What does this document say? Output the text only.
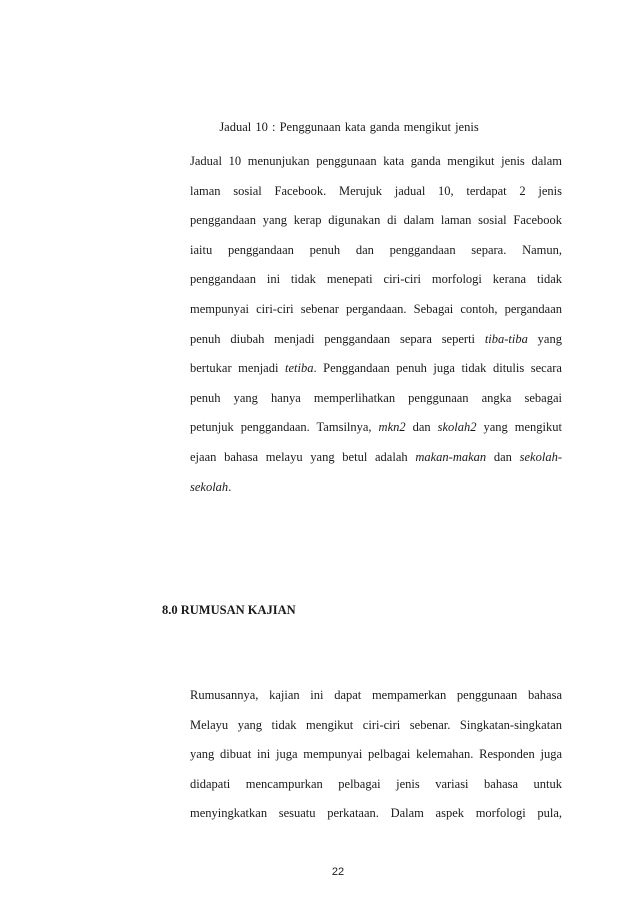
Jadual 10 : Penggunaan kata ganda mengikut jenis
Jadual 10 menunjukan penggunaan kata ganda mengikut jenis dalam
laman sosial Facebook. Merujuk jadual 10, terdapat 2 jenis
penggandaan yang kerap digunakan di dalam laman sosial Facebook
iaitu penggandaan penuh dan penggandaan separa. Namun,
penggandaan ini tidak menepati ciri-ciri morfologi kerana tidak
mempunyai ciri-ciri sebenar pergandaan. Sebagai contoh, pergandaan
penuh diubah menjadi penggandaan separa seperti tiba-tiba yang
bertukar menjadi tetiba. Penggandaan penuh juga tidak ditulis secara
penuh yang hanya memperlihatkan penggunaan angka sebagai
petunjuk penggandaan. Tamsilnya, mkn2 dan skolah2 yang mengikut
ejaan bahasa melayu yang betul adalah makan-makan dan sekolah-
sekolah.
8.0 RUMUSAN KAJIAN
Rumusannya, kajian ini dapat mempamerkan penggunaan bahasa
Melayu yang tidak mengikut ciri-ciri sebenar. Singkatan-singkatan
yang dibuat ini juga mempunyai pelbagai kelemahan. Responden juga
didapati mencampurkan pelbagai jenis variasi bahasa untuk
menyingkatkan sesuatu perkataan. Dalam aspek morfologi pula,
22
